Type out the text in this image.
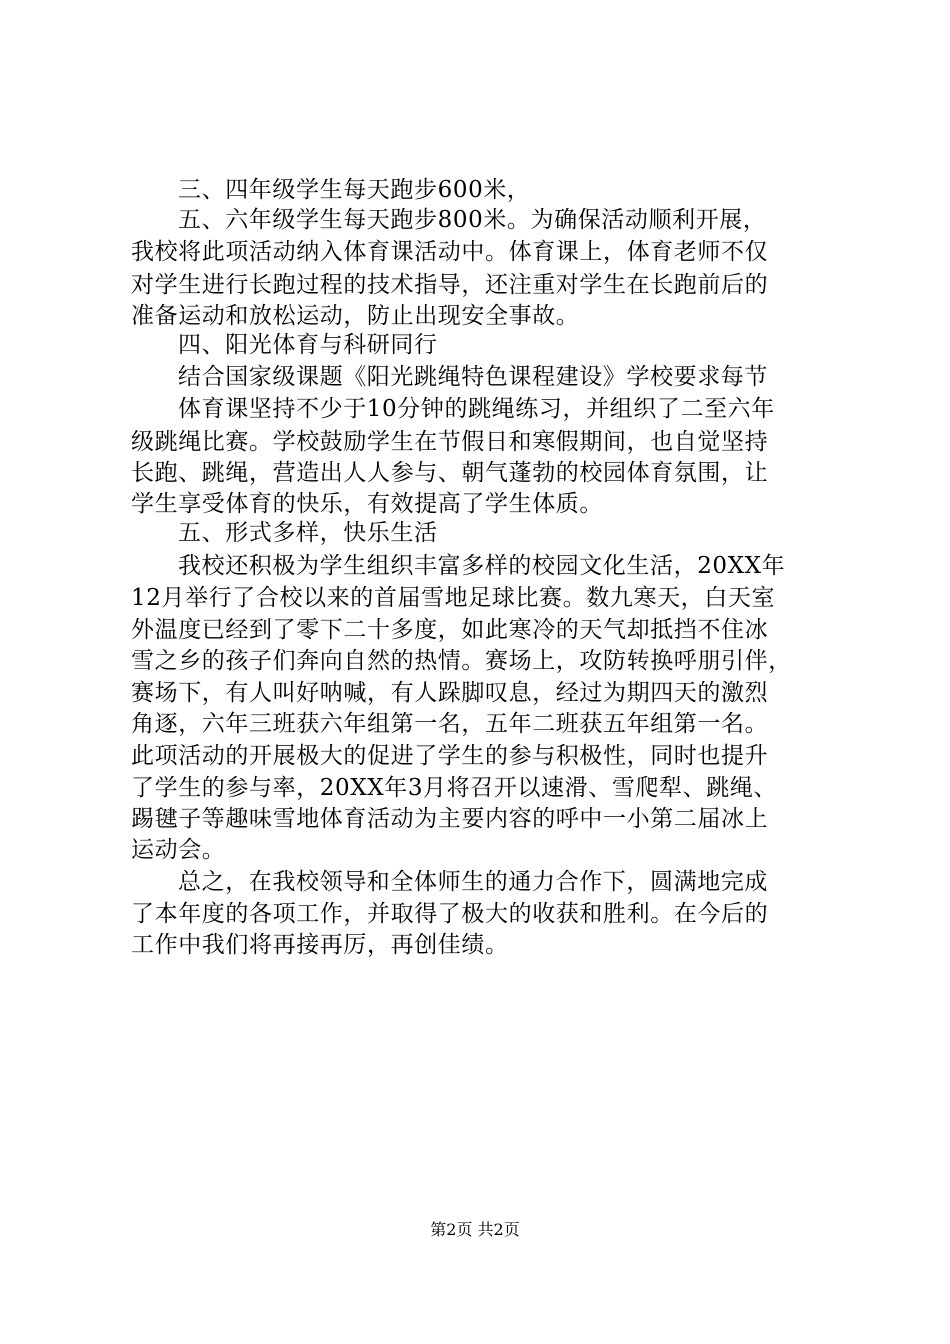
三、四年级学生每天跑步600米，
五、六年级学生每天跑步800米。为确保活动顺利开展，
我校将此项活动纳入体育课活动中。体育课上，体育老师不仅
对学生进行长跑过程的技术指导，还注重对学生在长跑前后的
准备运动和放松运动，防止出现安全事故。
四、阳光体育与科研同行
结合国家级课题《阳光跳绳特色课程建设》学校要求每节
体育课坚持不少于10分钟的跳绳练习，并组织了二至六年
级跳绳比赛。学校鼓励学生在节假日和寒假期间，也自觉坚持
长跑、跳绳，营造出人人参与、朝气蓬勃的校园体育氛围，让
学生享受体育的快乐，有效提高了学生体质。
五、形式多样，快乐生活
我校还积极为学生组织丰富多样的校园文化生活，20XX年
12月举行了合校以来的首届雪地足球比赛。数九寒天，白天室
外温度已经到了零下二十多度，如此寒冷的天气却抵挡不住冰
雪之乡的孩子们奔向自然的热情。赛场上，攻防转换呼朋引伴，
赛场下，有人叫好呐喊，有人跺脚叹息，经过为期四天的激烈
角逐，六年三班获六年组第一名，五年二班获五年组第一名。
此项活动的开展极大的促进了学生的参与积极性，同时也提升
了学生的参与率，20XX年3月将召开以速滑、雪爬犁、跳绳、
踢毽子等趣味雪地体育活动为主要内容的呼中一小第二届冰上
运动会。
总之，在我校领导和全体师生的通力合作下，圆满地完成
了本年度的各项工作，并取得了极大的收获和胜利。在今后的
工作中我们将再接再厉，再创佳绩。
第2页 共2页
